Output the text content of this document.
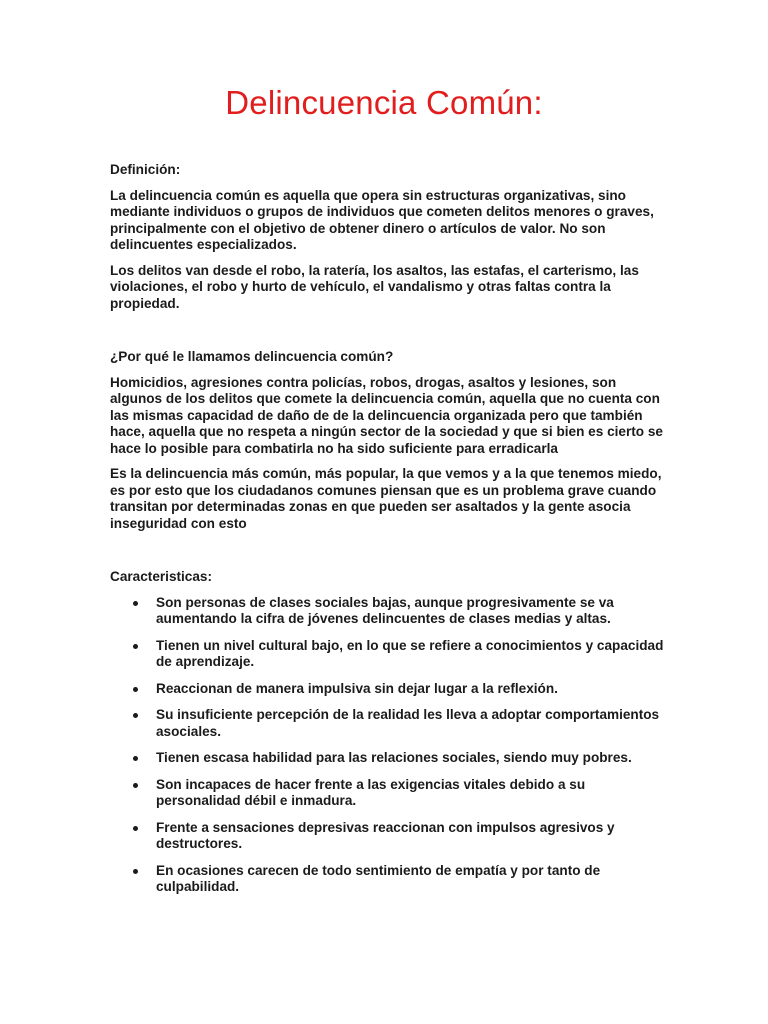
Delincuencia Común:

Definición:

La delincuencia común es aquella que opera sin estructuras organizativas, sino mediante individuos o grupos de individuos que cometen delitos menores o graves, principalmente con el objetivo de obtener dinero o artículos de valor. No son delincuentes especializados.

Los delitos van desde el robo, la ratería, los asaltos, las estafas, el carterismo, las violaciones, el robo y hurto de vehículo, el vandalismo y otras faltas contra la propiedad.

¿Por qué le llamamos delincuencia común?

Homicidios, agresiones contra policías, robos, drogas, asaltos y lesiones, son algunos de los delitos que comete la delincuencia común, aquella que no cuenta con las mismas capacidad de daño de de la delincuencia organizada pero que también hace, aquella que no respeta a ningún sector de la sociedad y que si bien es cierto se hace lo posible para combatirla no ha sido suficiente para erradicarla

Es la delincuencia más común, más popular, la que vemos y a la que tenemos miedo, es por esto que los ciudadanos comunes piensan que es un problema grave cuando transitan por determinadas zonas en que pueden ser asaltados y la gente asocia inseguridad con esto

Caracteristicas:

Son personas de clases sociales bajas, aunque progresivamente se va aumentando la cifra de jóvenes delincuentes de clases medias y altas.
Tienen un nivel cultural bajo, en lo que se refiere a conocimientos y capacidad de aprendizaje.
Reaccionan de manera impulsiva sin dejar lugar a la reflexión.
Su insuficiente percepción de la realidad les lleva a adoptar comportamientos asociales.
Tienen escasa habilidad para las relaciones sociales, siendo muy pobres.
Son incapaces de hacer frente a las exigencias vitales debido a su personalidad débil e inmadura.
Frente a sensaciones depresivas reaccionan con impulsos agresivos y destructores.
En ocasiones carecen de todo sentimiento de empatía y por tanto de culpabilidad.
